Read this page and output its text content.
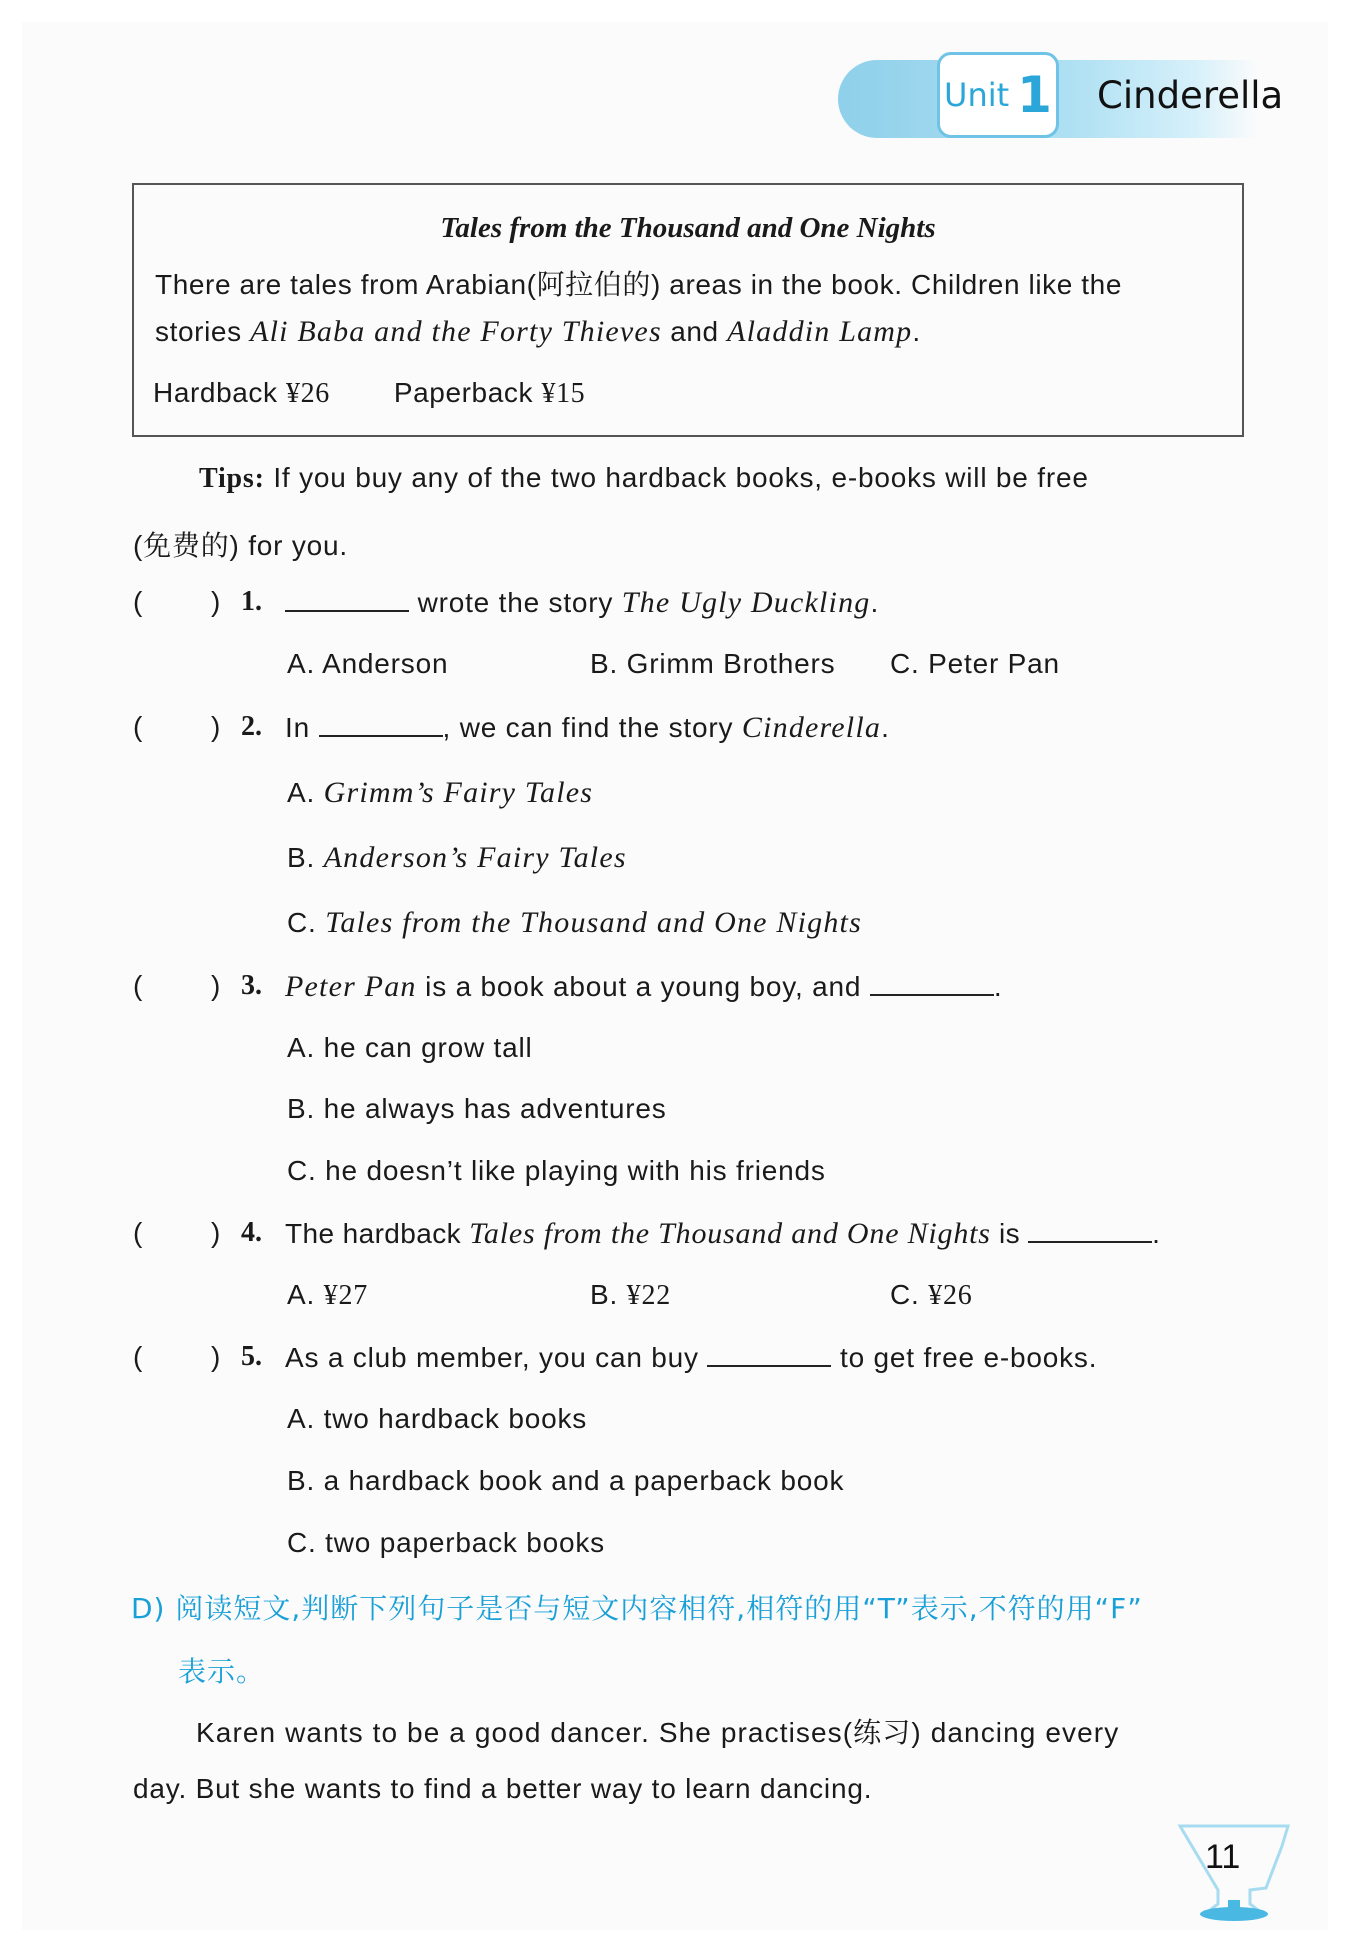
Unit 1 Cinderella
Tales from the Thousand and One Nights
There are tales from Arabian(阿拉伯的) areas in the book. Children like the
stories Ali Baba and the Forty Thieves and Aladdin Lamp.
Hardback ¥26 Paperback ¥15
Tips: If you buy any of the two hardback books, e-books will be free
(免费的) for you.
( ) 1.	wrote the story The Ugly Duckling.
A. Anderson	B. Grimm Brothers C. Peter Pan
( ) 2. In	, we can find the story Cinderella.
A. Grimm’s Fairy Tales
B. Anderson’s Fairy Tales
C. Tales from the Thousand and One Nights
( ) 3. Peter Pan is a book about a young boy, and	.
A. he can grow tall
B. he always has adventures
C. he doesn’t like playing with his friends
( ) 4. The hardback Tales from the Thousand and One Nights is	.
A. ¥27	B. ¥22	C. ¥26
( ) 5. As a club member, you can buy	to get free e-books.
A. two hardback books
B. a hardback book and a paperback book
C. two paperback books
D) 阅读短文,判断下列句子是否与短文内容相符,相符的用“T”表示,不符的用“F”
表示。
Karen wants to be a good dancer. She practises(练习) dancing every
day. But she wants to find a better way to learn dancing.
11
